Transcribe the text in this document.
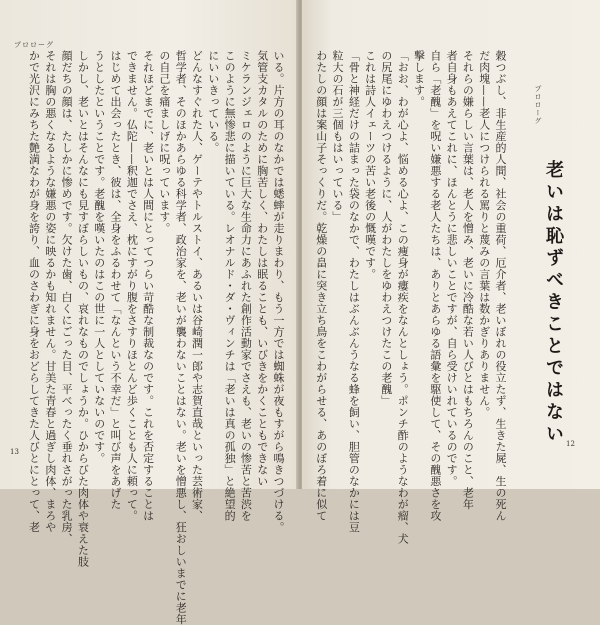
プロローグ

いる。片方の耳のなかでは蟋蟀が走りまわり、もう一方では蜘蛛が夜もすがら鳴きつづける。

気管支カタルのために胸苦しく、わたしは眠ることも、いびきをかくこともできない

ミケランジェロのように巨大な生命力にあふれた創作活動家でさえも、老いの惨苦と苦渋を

このように無惨悲に描いている。レオナルド・ダ・ヴィンチは「老いは真の孤独」と絶望的

にいいきっている。

どんなすぐれた人、ゲーテやトルストイ、あるいは谷崎潤一郎や志賀直哉といった芸術家、

哲学者、そのほかあらゆる科学者、政治家を、老いが襲わないことはない。老いを憎悪し、狂おしいまでに老年

の自己を痛ましげに呪っています。

それほどまでに、老いとは人間にとってつらい苛酷な制裁なのです。これを否定することは

できません。仏陀——釈迦でさえ、枕にすがり腹をさすりほとんど歩くことも人に頼って。

はじめて出会ったとき、彼は、全身をふるわせて「なんという不幸だ」と叫び声をあげた

うとしたということです。老醜を嘆いたのはこの世に一人としていないのです。

しかし、老いとはそんなにも見すぼらしいもの、哀れなものでしょうか。ひからびた肉体や衰えた肢

顔だちの顔は、たしかに惨めです。欠けた歯、白くにごった目、平べったく垂れさがった乳房、

それは胸の悪くなるような嫌悪の姿に映るかも知れません。甘美た青春と過ぎし肉体、まろや

かで光沢にみちた艶満なわが身を誇り、血のさわぎに身をおどらしてきた人びとにとって、老

13	穀つぶし、非生産的人間、社会の重荷、厄介者、老いぼれの役立たず、生きた屍、生の死ん

だ肉塊——老人につけられる罵りと蔑みの言葉は数かぎりありません。

それらの嫌らしい言葉は、老人を憎み、老いに冷酷な若い人びとはもちろんのこと、老年

者自身もあえてこれに、ほんとうに悲しいことですが、自ら受けいれているのです。

自ら「老醜」を呪い嫌悪する老人たちは、ありとあらゆる語彙を駆使して、その醜悪さを攻

撃します。

「おお、わが心よ、悩める心よ、この痩身が瘻疾をなんとしょう。ポンチ酢のようなわが瘤、犬

の尻尾にゆわえつけるように、人がわたしをゆわえつけたこの老醜」

これは詩人イェーツの苦い老後の慨嘆です。

「骨と神経だけの詰まった袋のなかで、わたしはぶんぶんうなる蜂を飼い、胆管のなかには豆

粒大の石が三個もはいっている」

わたしの顔は案山子そっくりだ。乾燥の畠に突き立ち鳥をこわがらせる、あのぼろ着に似て	老いは恥ずべきことではない
プロローグ
12
